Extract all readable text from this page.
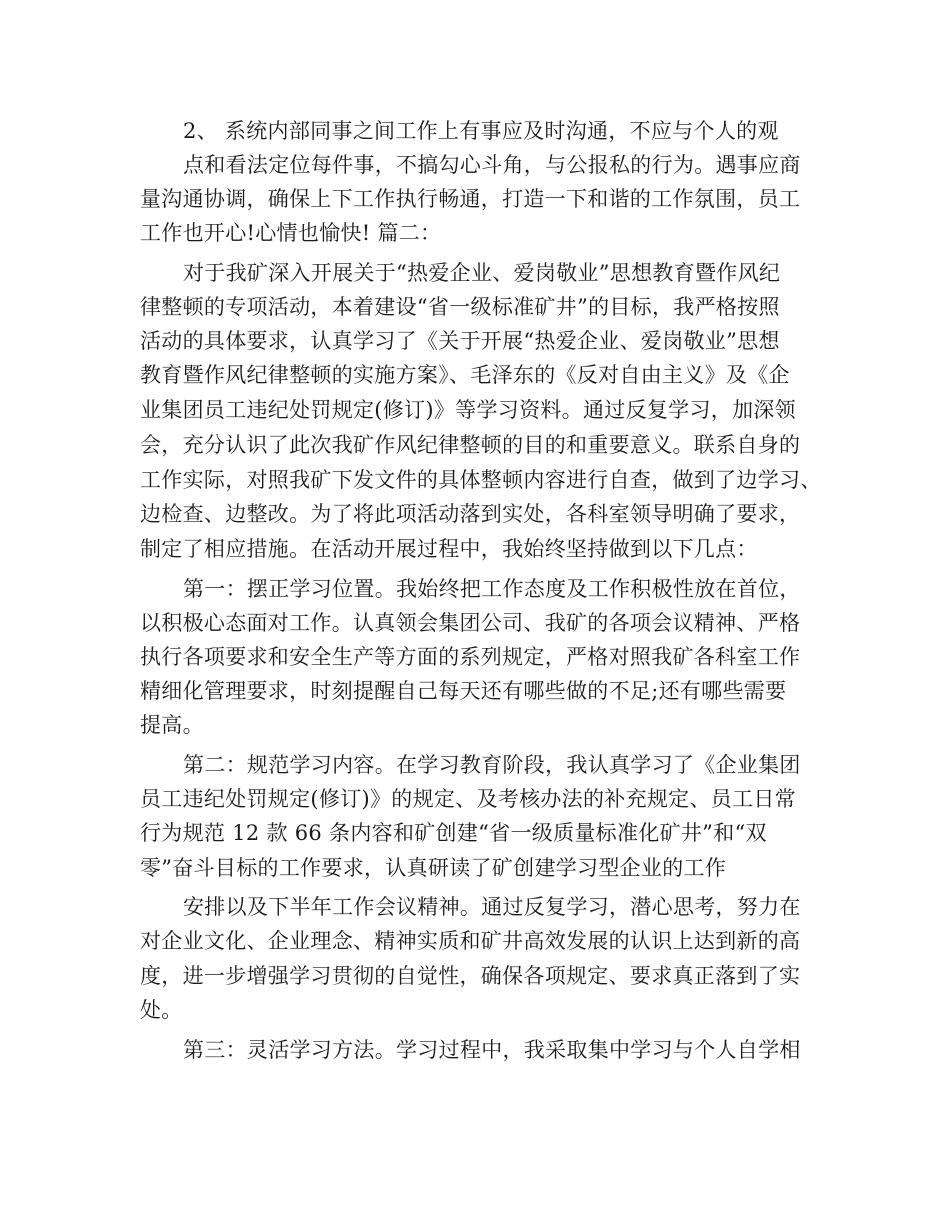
2、 系统内部同事之间工作上有事应及时沟通，不应与个人的观
点和看法定位每件事，不搞勾心斗角，与公报私的行为。遇事应商
量沟通协调，确保上下工作执行畅通，打造一下和谐的工作氛围，员工
工作也开心!心情也愉快! 篇二：
对于我矿深入开展关于“热爱企业、爱岗敬业”思想教育暨作风纪
律整顿的专项活动，本着建设“省一级标准矿井”的目标，我严格按照
活动的具体要求，认真学习了《关于开展“热爱企业、爱岗敬业”思想
教育暨作风纪律整顿的实施方案》、毛泽东的《反对自由主义》及《企
业集团员工违纪处罚规定(修订)》等学习资料。通过反复学习，加深领
会，充分认识了此次我矿作风纪律整顿的目的和重要意义。联系自身的
工作实际，对照我矿下发文件的具体整顿内容进行自查，做到了边学习、
边检查、边整改。为了将此项活动落到实处，各科室领导明确了要求，
制定了相应措施。在活动开展过程中，我始终坚持做到以下几点：
第一：摆正学习位置。我始终把工作态度及工作积极性放在首位，
以积极心态面对工作。认真领会集团公司、我矿的各项会议精神、严格
执行各项要求和安全生产等方面的系列规定，严格对照我矿各科室工作
精细化管理要求，时刻提醒自己每天还有哪些做的不足;还有哪些需要
提高。
第二：规范学习内容。在学习教育阶段，我认真学习了《企业集团
员工违纪处罚规定(修订)》的规定、及考核办法的补充规定、员工日常
行为规范 12 款 66 条内容和矿创建“省一级质量标准化矿井”和“双
零”奋斗目标的工作要求，认真研读了矿创建学习型企业的工作
安排以及下半年工作会议精神。通过反复学习，潜心思考，努力在
对企业文化、企业理念、精神实质和矿井高效发展的认识上达到新的高
度，进一步增强学习贯彻的自觉性，确保各项规定、要求真正落到了实
处。
第三：灵活学习方法。学习过程中，我采取集中学习与个人自学相
